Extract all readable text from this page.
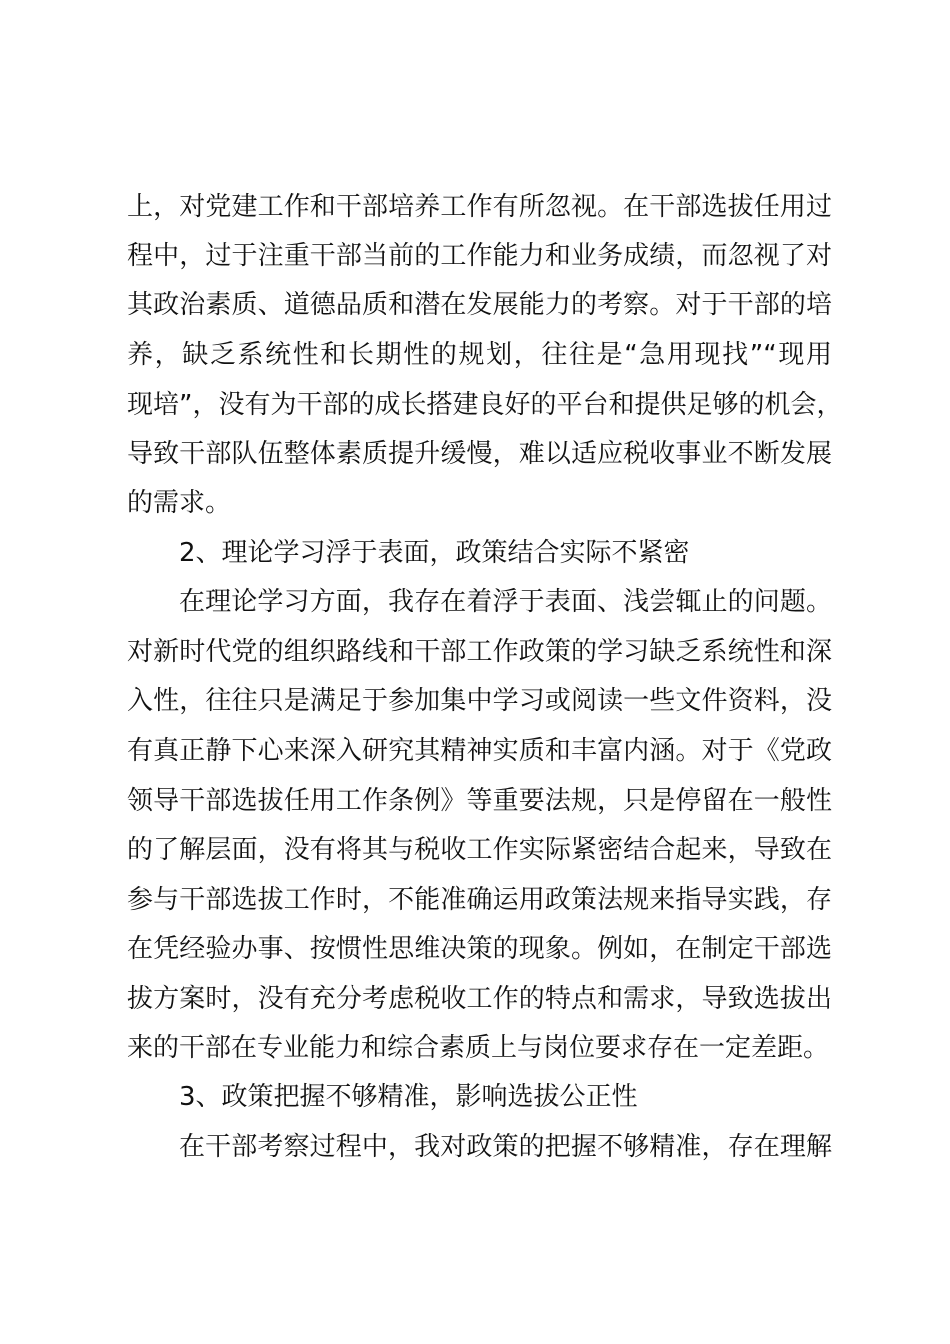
上，对党建工作和干部培养工作有所忽视。在干部选拔任用过
程中，过于注重干部当前的工作能力和业务成绩，而忽视了对
其政治素质、道德品质和潜在发展能力的考察。对于干部的培
养，缺乏系统性和长期性的规划，往往是“急用现找”“现用
现培”，没有为干部的成长搭建良好的平台和提供足够的机会，
导致干部队伍整体素质提升缓慢，难以适应税收事业不断发展
的需求。
2、理论学习浮于表面，政策结合实际不紧密
在理论学习方面，我存在着浮于表面、浅尝辄止的问题。
对新时代党的组织路线和干部工作政策的学习缺乏系统性和深
入性，往往只是满足于参加集中学习或阅读一些文件资料，没
有真正静下心来深入研究其精神实质和丰富内涵。对于《党政
领导干部选拔任用工作条例》等重要法规，只是停留在一般性
的了解层面，没有将其与税收工作实际紧密结合起来，导致在
参与干部选拔工作时，不能准确运用政策法规来指导实践，存
在凭经验办事、按惯性思维决策的现象。例如，在制定干部选
拔方案时，没有充分考虑税收工作的特点和需求，导致选拔出
来的干部在专业能力和综合素质上与岗位要求存在一定差距。
3、政策把握不够精准，影响选拔公正性
在干部考察过程中，我对政策的把握不够精准，存在理解
